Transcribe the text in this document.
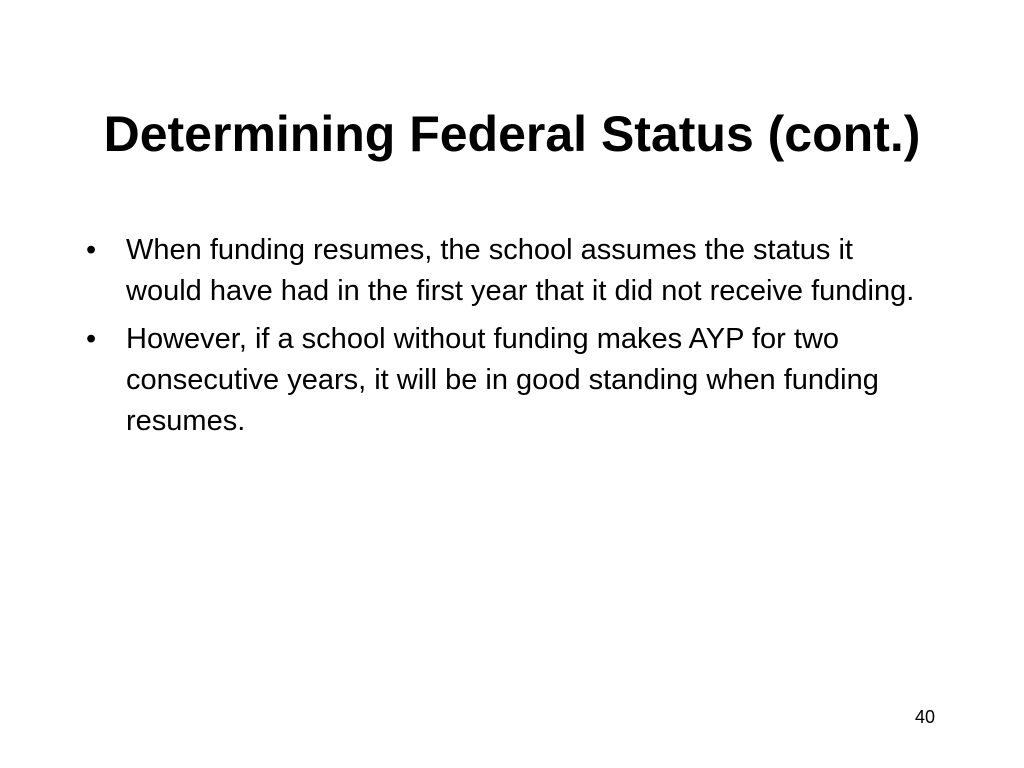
Determining Federal Status (cont.)
•	When funding resumes, the school assumes the status it would have had in the first year that it did not receive funding.
•	However, if a school without funding makes AYP for two consecutive years, it will be in good standing when funding resumes.
40
